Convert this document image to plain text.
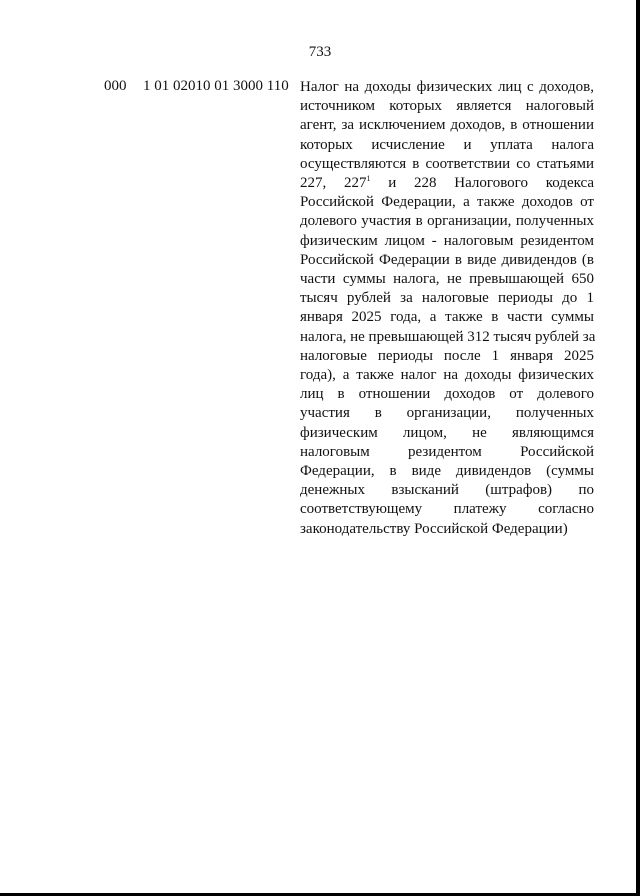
733
000 1 01 02010 01 3000 110 Налог на доходы физических лиц с доходов,
источником которых является налоговый
агент, за исключением доходов, в отношении
которых исчисление и уплата налога
осуществляются в соответствии со статьями
227, $227^1$ и 228 Налогового кодекса
Российской Федерации, а также доходов от
долевого участия в организации, полученных
физическим лицом - налоговым резидентом
Российской Федерации в виде дивидендов (в
части суммы налога, не превышающей 650
тысяч рублей за налоговые периоды до 1
января 2025 года, а также в части суммы
налога, не превышающей 312 тысяч рублей за
налоговые периоды после 1 января 2025
года), а также налог на доходы физических
лиц в отношении доходов от долевого
участия в организации, полученных
физическим лицом, не являющимся
налоговым резидентом Российской
Федерации, в виде дивидендов (суммы
денежных взысканий (штрафов) по
соответствующему платежу согласно
законодательству Российской Федерации)
